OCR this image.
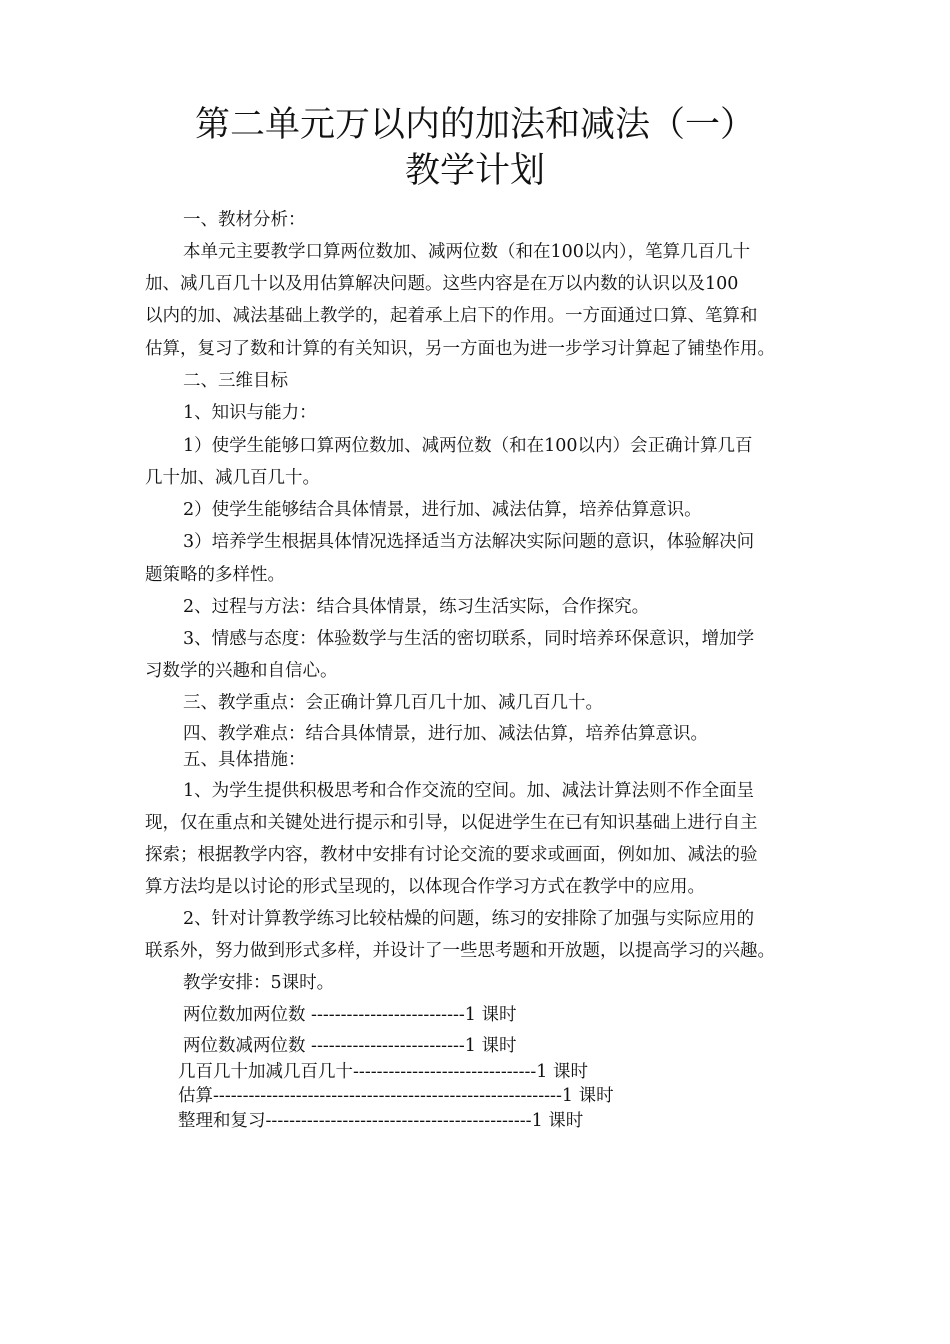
第二单元万以内的加法和减法（一）
教学计划
一、教材分析：
本单元主要教学口算两位数加、减两位数（和在100以内），笔算几百几十
加、减几百几十以及用估算解决问题。这些内容是在万以内数的认识以及100
以内的加、减法基础上教学的，起着承上启下的作用。一方面通过口算、笔算和
估算，复习了数和计算的有关知识，另一方面也为进一步学习计算起了铺垫作用。
二、三维目标
1、知识与能力：
1）使学生能够口算两位数加、减两位数（和在100以内）会正确计算几百
几十加、减几百几十。
2）使学生能够结合具体情景，进行加、减法估算，培养估算意识。
3）培养学生根据具体情况选择适当方法解决实际问题的意识，体验解决问
题策略的多样性。
2、过程与方法：结合具体情景，练习生活实际，合作探究。
3、情感与态度：体验数学与生活的密切联系，同时培养环保意识，增加学
习数学的兴趣和自信心。
三、教学重点：会正确计算几百几十加、减几百几十。
四、教学难点：结合具体情景，进行加、减法估算，培养估算意识。
五、具体措施：
1、为学生提供积极思考和合作交流的空间。加、减法计算法则不作全面呈
现，仅在重点和关键处进行提示和引导，以促进学生在已有知识基础上进行自主
探索；根据教学内容，教材中安排有讨论交流的要求或画面，例如加、减法的验
算方法均是以讨论的形式呈现的，以体现合作学习方式在教学中的应用。
2、针对计算教学练习比较枯燥的问题，练习的安排除了加强与实际应用的
联系外，努力做到形式多样，并设计了一些思考题和开放题，以提高学习的兴趣。
教学安排：5课时。
两位数加两位数 --------------------------1 课时
两位数减两位数 --------------------------1 课时
几百几十加减几百几十-------------------------------1 课时
估算-----------------------------------------------------------1 课时
整理和复习---------------------------------------------1 课时
